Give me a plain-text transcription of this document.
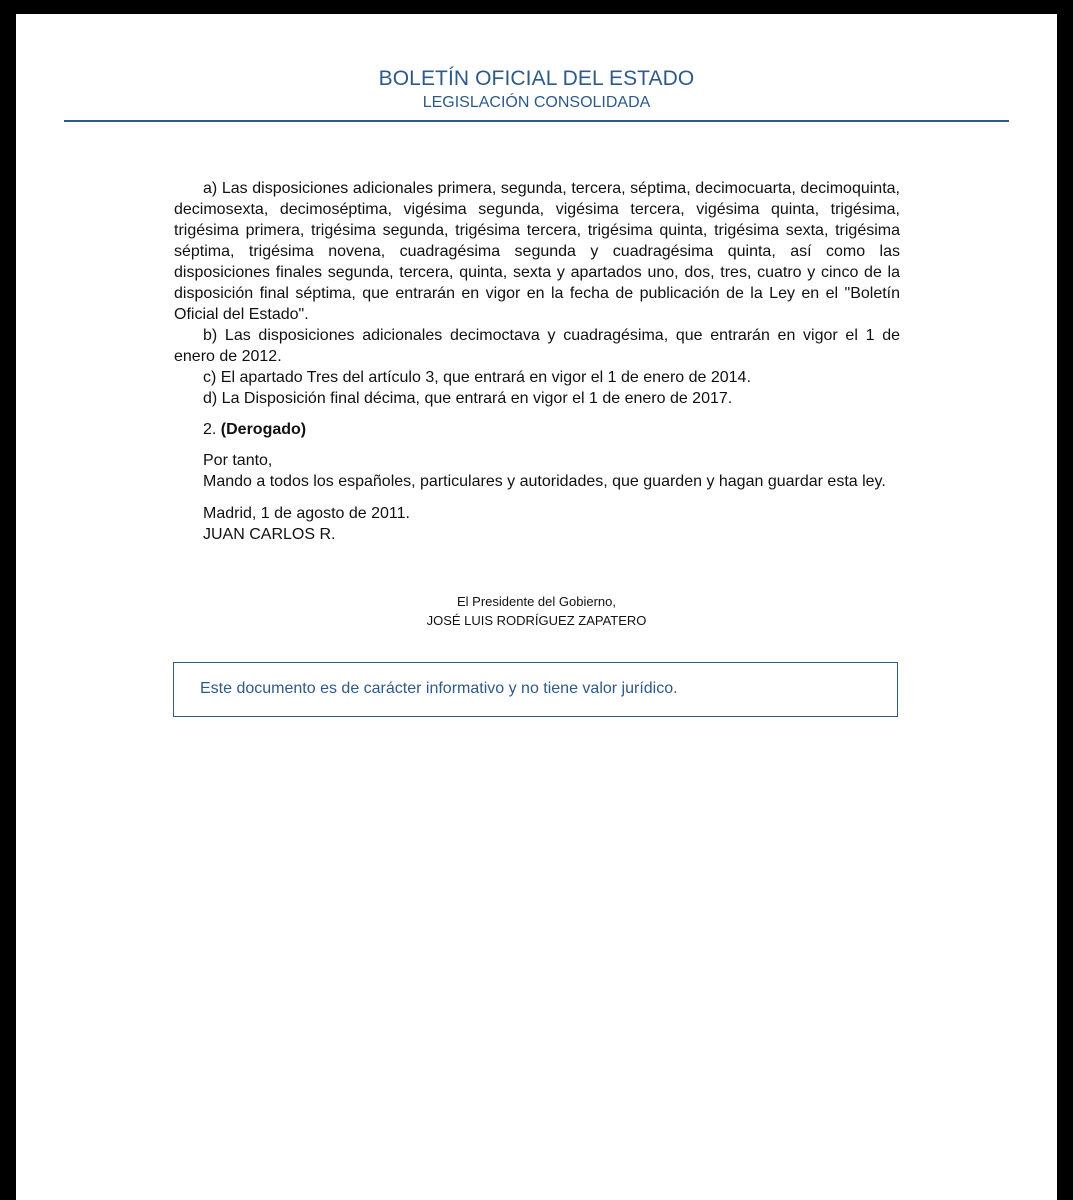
BOLETÍN OFICIAL DEL ESTADO
LEGISLACIÓN CONSOLIDADA

a) Las disposiciones adicionales primera, segunda, tercera, séptima, decimocuarta, decimoquinta, decimosexta, decimoséptima, vigésima segunda, vigésima tercera, vigésima quinta, trigésima, trigésima primera, trigésima segunda, trigésima tercera, trigésima quinta, trigésima sexta, trigésima séptima, trigésima novena, cuadragésima segunda y cuadragésima quinta, así como las disposiciones finales segunda, tercera, quinta, sexta y apartados uno, dos, tres, cuatro y cinco de la disposición final séptima, que entrarán en vigor en la fecha de publicación de la Ley en el "Boletín Oficial del Estado".

b) Las disposiciones adicionales decimoctava y cuadragésima, que entrarán en vigor el 1 de enero de 2012.

c) El apartado Tres del artículo 3, que entrará en vigor el 1 de enero de 2014.

d) La Disposición final décima, que entrará en vigor el 1 de enero de 2017.

2. (Derogado)

Por tanto,

Mando a todos los españoles, particulares y autoridades, que guarden y hagan guardar esta ley.

Madrid, 1 de agosto de 2011.

JUAN CARLOS R.

El Presidente del Gobierno,
JOSÉ LUIS RODRÍGUEZ ZAPATERO
Este documento es de carácter informativo y no tiene valor jurídico.
